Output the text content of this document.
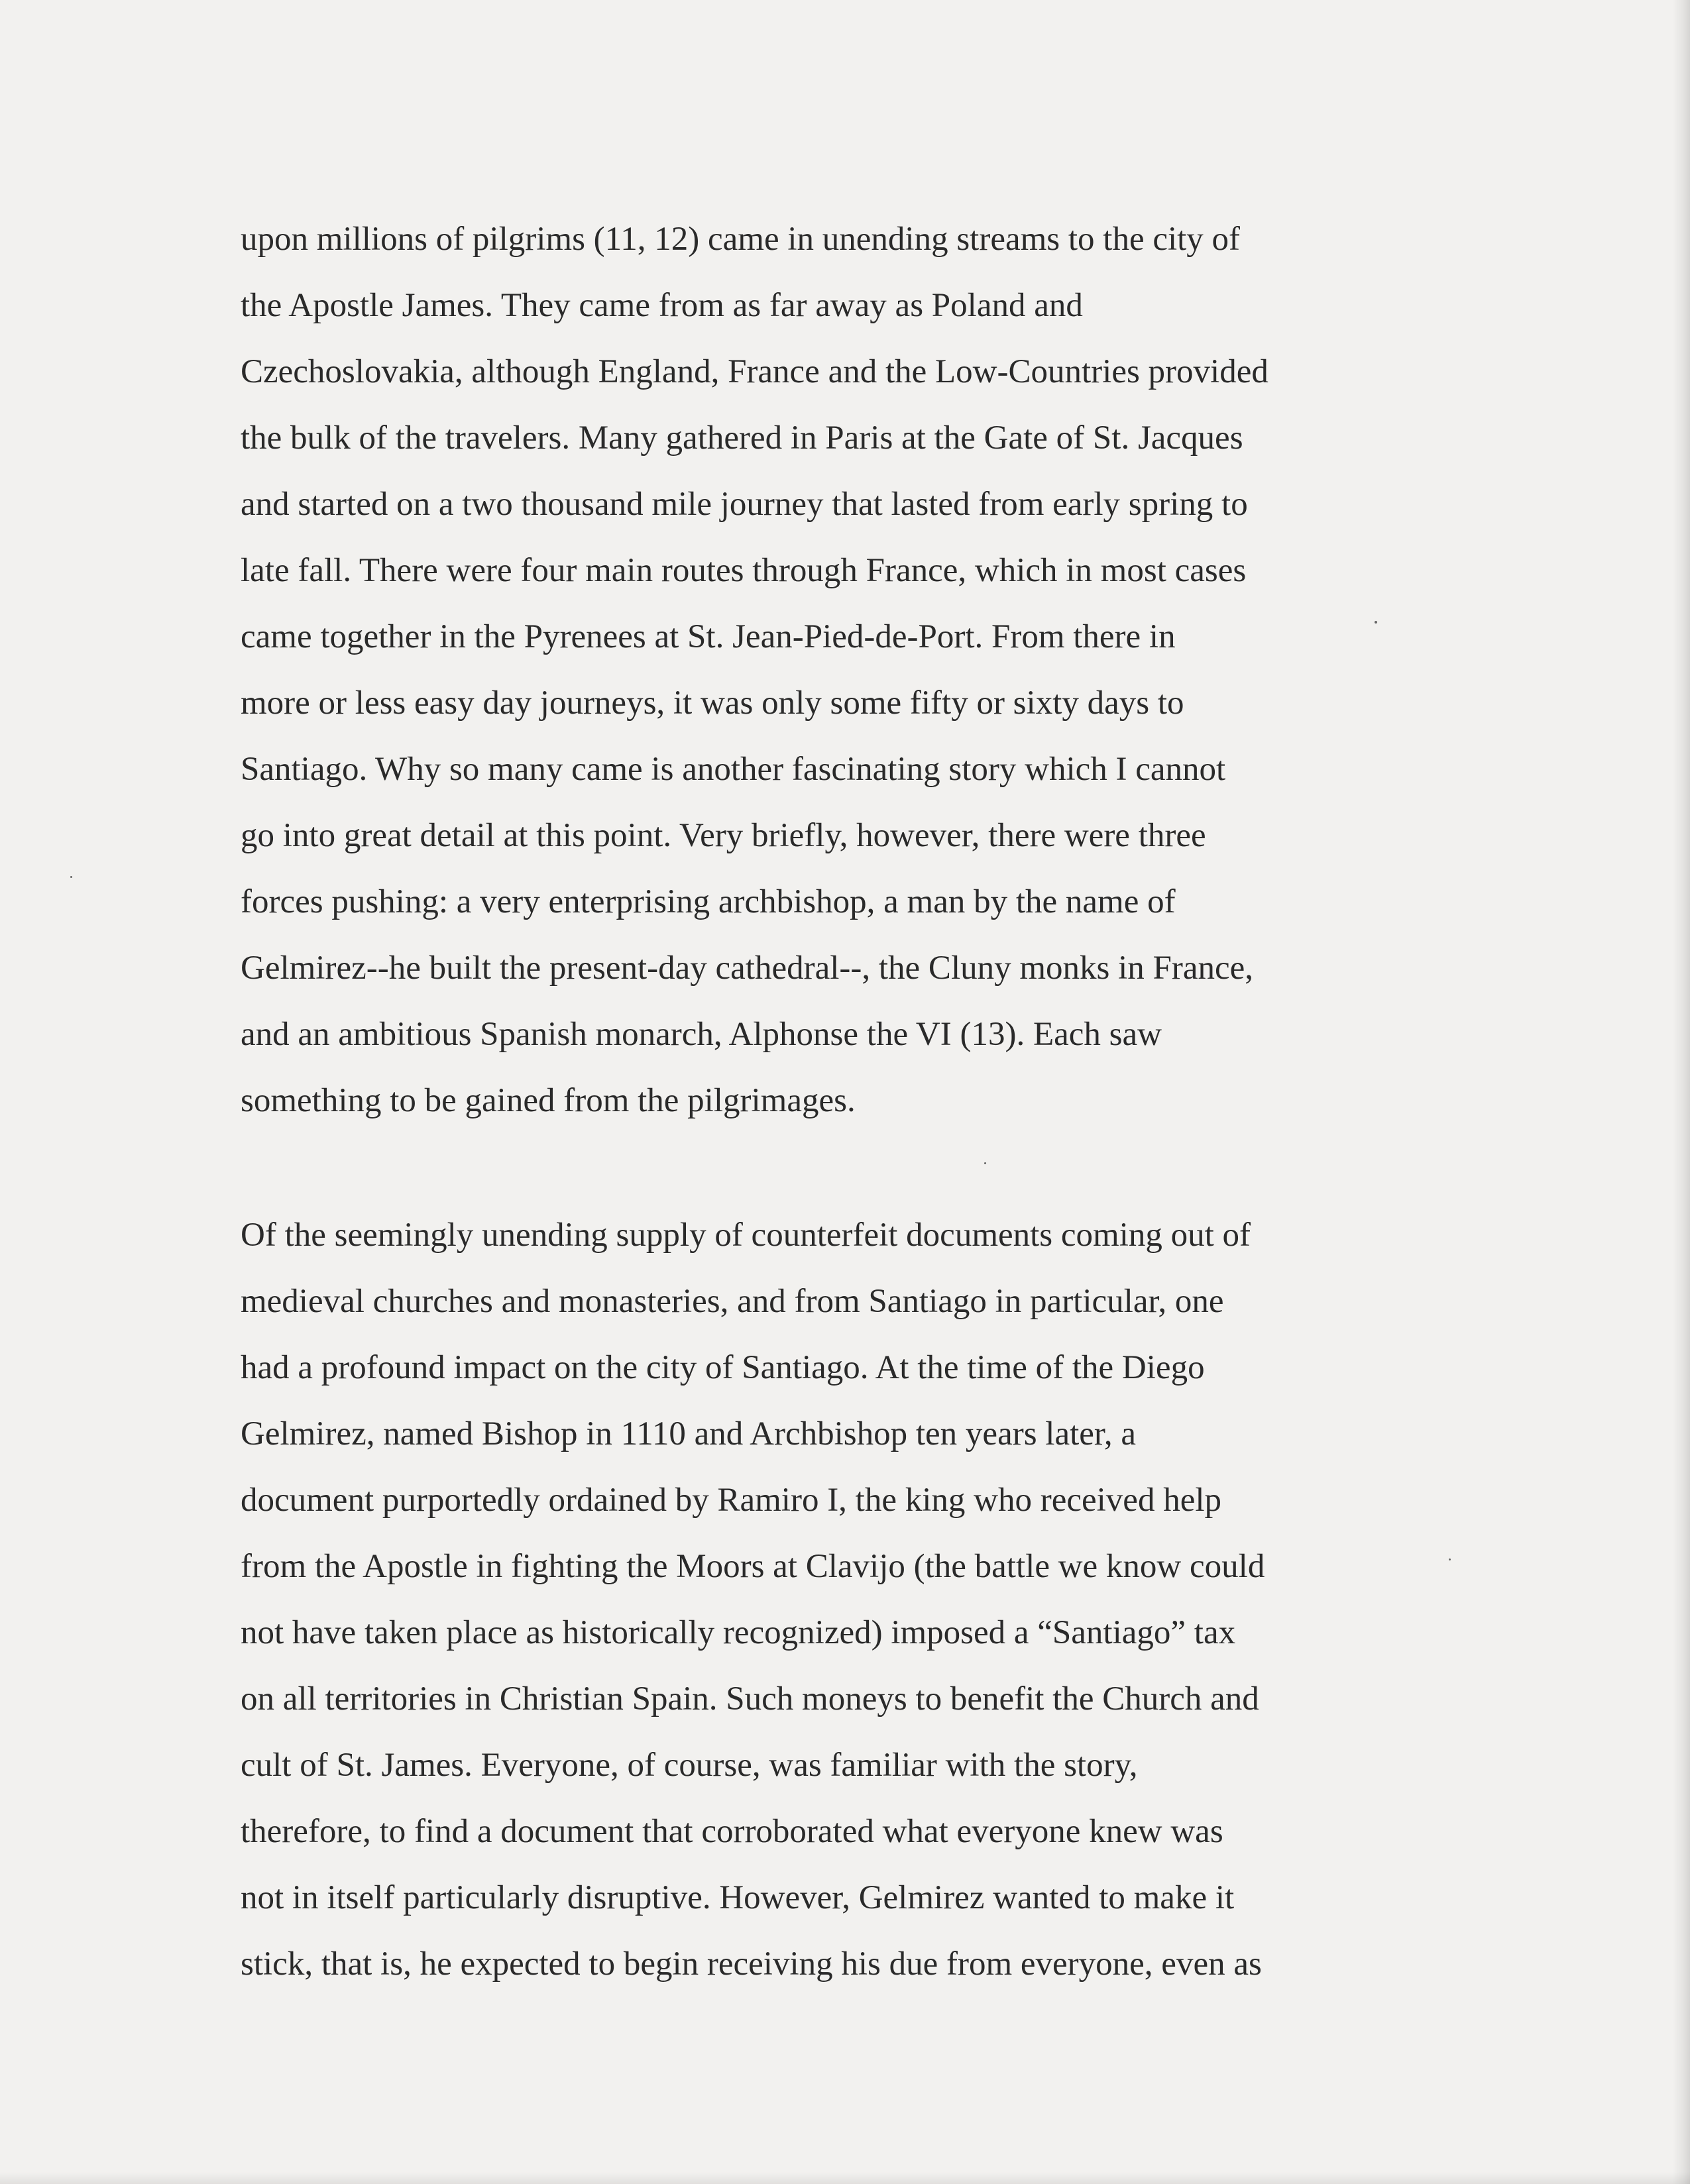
upon millions of pilgrims (11, 12) came in unending streams to the city of
the Apostle James. They came from as far away as Poland and
Czechoslovakia, although England, France and the Low-Countries provided
the bulk of the travelers. Many gathered in Paris at the Gate of St. Jacques
and started on a two thousand mile journey that lasted from early spring to
late fall. There were four main routes through France, which in most cases
came together in the Pyrenees at St. Jean-Pied-de-Port. From there in
more or less easy day journeys, it was only some fifty or sixty days to
Santiago. Why so many came is another fascinating story which I cannot
go into great detail at this point. Very briefly, however, there were three
forces pushing: a very enterprising archbishop, a man by the name of
Gelmirez--he built the present-day cathedral--, the Cluny monks in France,
and an ambitious Spanish monarch, Alphonse the VI (13). Each saw
something to be gained from the pilgrimages.
Of the seemingly unending supply of counterfeit documents coming out of
medieval churches and monasteries, and from Santiago in particular, one
had a profound impact on the city of Santiago. At the time of the Diego
Gelmirez, named Bishop in 1110 and Archbishop ten years later, a
document purportedly ordained by Ramiro I, the king who received help
from the Apostle in fighting the Moors at Clavijo (the battle we know could
not have taken place as historically recognized) imposed a “Santiago” tax
on all territories in Christian Spain. Such moneys to benefit the Church and
cult of St. James. Everyone, of course, was familiar with the story,
therefore, to find a document that corroborated what everyone knew was
not in itself particularly disruptive. However, Gelmirez wanted to make it
stick, that is, he expected to begin receiving his due from everyone, even as
